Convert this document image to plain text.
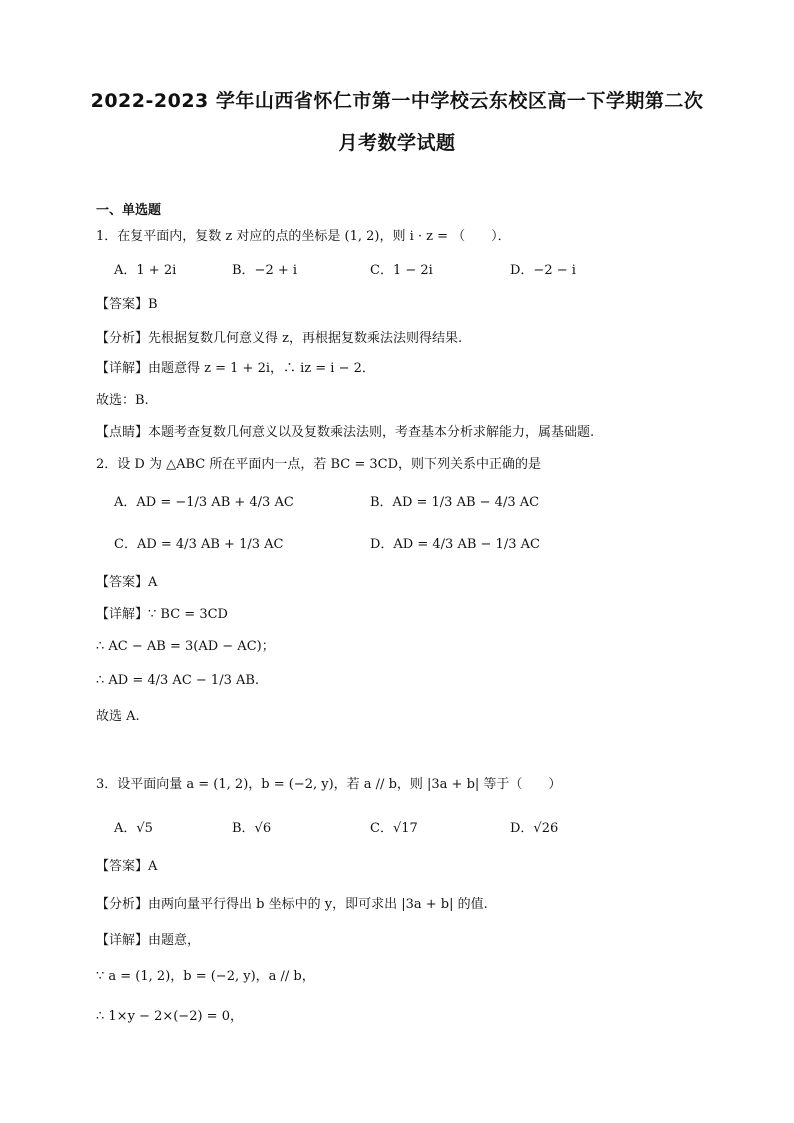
2022-2023 学年山西省怀仁市第一中学校云东校区高一下学期第二次
月考数学试题
一、单选题
1．在复平面内，复数 z 对应的点的坐标是 (1, 2)，则 i · z = （　　）．
A．1 + 2i	B．−2 + i	C．1 − 2i	D．−2 − i
【答案】B
【分析】先根据复数几何意义得 z，再根据复数乘法法则得结果.
【详解】由题意得 z = 1 + 2i，∴ iz = i − 2．
故选：B.
【点睛】本题考查复数几何意义以及复数乘法法则，考查基本分析求解能力，属基础题.
2．设 D 为 △ABC 所在平面内一点，若 BC = 3CD，则下列关系中正确的是
A．AD = −1/3 AB + 4/3 AC	B．AD = 1/3 AB − 4/3 AC
C．AD = 4/3 AB + 1/3 AC	D．AD = 4/3 AB − 1/3 AC
【答案】A
【详解】∵ BC = 3CD
∴ AC − AB = 3(AD − AC)；
∴ AD = 4/3 AC − 1/3 AB.
故选 A.
3．设平面向量 a = (1, 2)，b = (−2, y)，若 a // b，则 |3a + b| 等于（　　）
A．√5	B．√6	C．√17	D．√26
【答案】A
【分析】由两向量平行得出 b 坐标中的 y，即可求出 |3a + b| 的值.
【详解】由题意，
∵ a = (1, 2)，b = (−2, y)，a // b，
∴ 1×y − 2×(−2) = 0，
